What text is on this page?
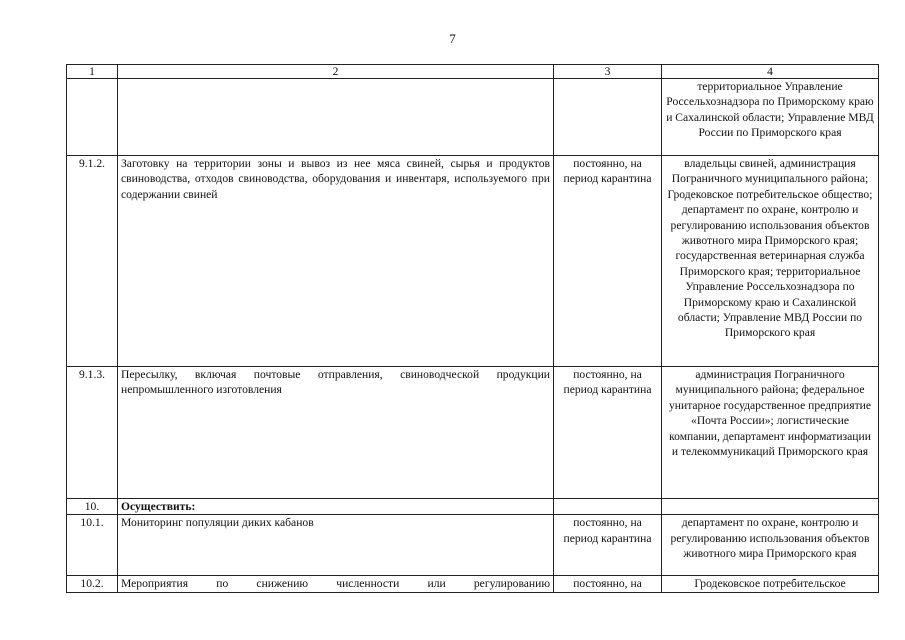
7
1	2	3	4
			территориальное Управление Россельхознадзора по Приморскому краю и Сахалинской области; Управление МВД России по Приморского края
9.1.2.	Заготовку на территории зоны и вывоз из нее мяса свиней, сырья и продуктов свиноводства, отходов свиноводства, оборудования и инвентаря, используемого при содержании свиней	постоянно, на период карантина	владельцы свиней, администрация Пограничного муниципального района; Гродековское потребительское общество; департамент по охране, контролю и регулированию использования объектов животного мира Приморского края; государственная ветеринарная служба Приморского края; территориальное Управление Россельхознадзора по Приморскому краю и Сахалинской области; Управление МВД России по Приморского края
9.1.3.	Пересылку, включая почтовые отправления, свиноводческой продукции непромышленного изготовления	постоянно, на период карантина	администрация Пограничного муниципального района; федеральное унитарное государственное предприятие «Почта России»; логистические компании, департамент информатизации и телекоммуникаций Приморского края
10.	Осуществить:		
10.1.	Мониторинг популяции диких кабанов	постоянно, на период карантина	департамент по охране, контролю и регулированию использования объектов животного мира Приморского края
10.2.	Мероприятия по снижению численности или регулированию	постоянно, на	Гродековское потребительское
